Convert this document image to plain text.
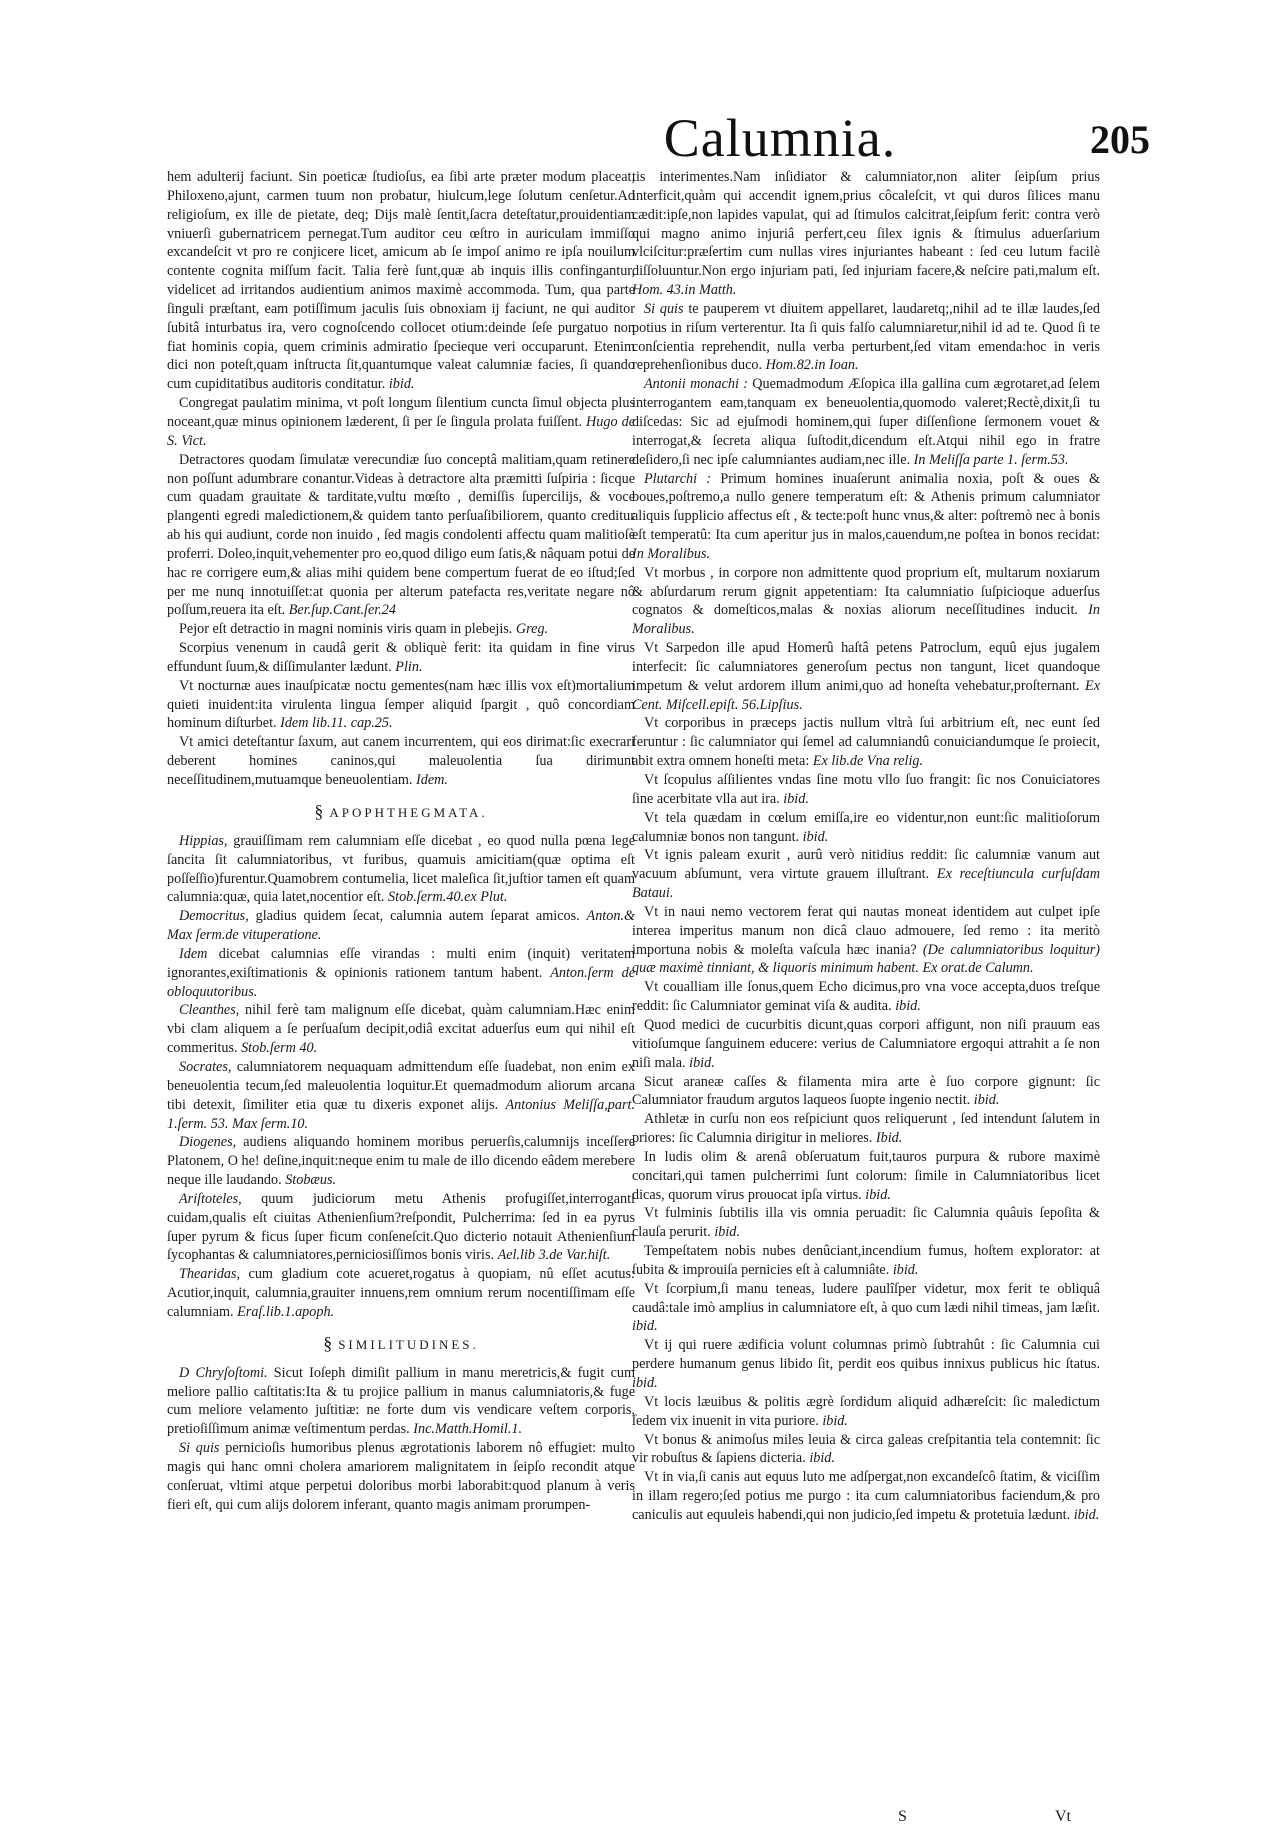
Calumnia.	205

hem adulterij faciunt. Sin poeticæ ſtudioſus, ea ſibi arte præter modum placeat, Philoxeno,ajunt, carmen tuum non probatur, hiulcum,lege ſolutum cenſetur.Ad religioſum, ex ille de pietate, deq; Dijs malè ſentit,ſacra deteſtatur,prouidentiam vniuerſi gubernatricem pernegat.Tum auditor ceu œſtro in auriculam immiſſo excandeſcit vt pro re conjicere licet, amicum ab ſe impoſ animo re ipſa nouilum contente cognita miſſum facit. Talia ferè ſunt,quæ ab inquis illis confingantur, videlicet ad irritandos audientium animos maximè accommoda. Tum, qua parte ſinguli præſtant, eam potiſſimum jaculis ſuis obnoxiam ij faciunt, ne qui auditor ſubitâ inturbatus ira, vero cognoſcendo collocet otium:deinde ſeſe purgatuo non fiat hominis copia, quem criminis admiratio ſpecieque veri occuparunt. Etenim dici non poteſt,quam inſtructa ſit,quantumque valeat calumniæ facies, ſi quando cum cupiditatibus auditoris conditatur. ibid.

Congregat paulatim minima, vt poſt longum ſilentium cuncta ſimul objecta plus noceant,quæ minus opinionem læderent, ſi per ſe ſingula prolata fuiſſent. Hugo de S. Vict.

Detractores quodam ſimulatæ verecundiæ ſuo conceptâ malitiam,quam retinere non poſſunt adumbrare conantur.Videas à detractore alta præmitti ſuſpiria : ſicque cum quadam grauitate & tarditate,vultu mœſto , demiſſis ſupercilijs, & voce plangenti egredi maledictionem,& quidem tanto perſuaſibiliorem, quanto creditur ab his qui audiunt, corde non inuido , ſed magis condolenti affectu quam malitioſè proferri. Doleo,inquit,vehementer pro eo,quod diligo eum ſatis,& nâquam potui de hac re corrigere eum,& alias mihi quidem bene compertum fuerat de eo iſtud;ſed per me nunq innotuiſſet:at quonia per alterum patefacta res,veritate negare nô poſſum,reuera ita eſt. Ber.ſup.Cant.ſer.24

Pejor eſt detractio in magni nominis viris quam in plebejis. Greg.

Scorpius venenum in caudâ gerit & obliquè ferit: ita quidam in fine virus effundunt ſuum,& diſſimulanter lædunt. Plin.

Vt nocturnæ aues inauſpicatæ noctu gementes(nam hæc illis vox eſt)mortalium quieti inuident:ita virulenta lingua ſemper aliquid ſpargit , quô concordiam hominum diſturbet. Idem lib.11. cap.25.

Vt amici deteſtantur ſaxum, aut canem incurrentem, qui eos dirimat:ſic execrari deberent homines caninos,qui maleuolentia ſua dirimunt neceſſitudinem,mutuamque beneuolentiam. Idem.

§ APOPHTHEGMATA.

Hippias, grauiſſimam rem calumniam eſſe dicebat , eo quod nulla pœna lege ſancita ſit calumniatoribus, vt furibus, quamuis amicitiam(quæ optima eſt poſſeſſio)furentur.Quamobrem contumelia, licet maleſica ſit,juſtior tamen eſt quam calumnia:quæ, quia latet,nocentior eſt. Stob.ſerm.40.ex Plut.

Democritus, gladius quidem ſecat, calumnia autem ſeparat amicos. Anton.& Max ſerm.de vituperatione.

Idem dicebat calumnias eſſe virandas : multi enim (inquit) veritatem ignorantes,exiſtimationis & opinionis rationem tantum habent. Anton.ſerm de obloquutoribus.

Cleanthes, nihil ferè tam malignum eſſe dicebat, quàm calumniam.Hæc enim vbi clam aliquem a ſe perſuaſum decipit,odiâ excitat aduerſus eum qui nihil eſt commeritus. Stob.ſerm 40.

Socrates, calumniatorem nequaquam admittendum eſſe ſuadebat, non enim ex beneuolentia tecum,ſed maleuolentia loquitur.Et quemadmodum aliorum arcana tibi detexit, ſimiliter etia quæ tu dixeris exponet alijs. Antonius Meliſſa,part. 1.ſerm. 53. Max ſerm.10.

Diogenes, audiens aliquando hominem moribus peruerſis,calumnijs inceſſere Platonem, O he! deſine,inquit:neque enim tu male de illo dicendo eâdem merebere neque ille laudando. Stobæus.

Ariſtoteles, quum judiciorum metu Athenis profugiſſet,interroganti cuidam,qualis eſt ciuitas Athenienſium?reſpondit, Pulcherrima: ſed in ea pyrus ſuper pyrum & ficus ſuper ficum conſeneſcit.Quo dicterio notauit Athenienſium ſycophantas & calumniatores,perniciosiſſimos bonis viris. Ael.lib 3.de Var.hiſt.

Thearidas, cum gladium cote acueret,rogatus à quopiam, nû eſſet acutus: Acutior,inquit, calumnia,grauiter innuens,rem omnium rerum nocentiſſimam eſſe calumniam. Eraſ.lib.1.apoph.

§ SIMILITUDINES.

D Chryſoſtomi. Sicut Ioſeph dimiſit pallium in manu meretricis,& fugit cum meliore pallio caſtitatis:Ita & tu projice pallium in manus calumniatoris,& fuge cum meliore velamento juſtitiæ: ne forte dum vis vendicare veſtem corporis, pretioſiſſimum animæ veſtimentum perdas. Inc.Matth.Homil.1.

Si quis pernicioſis humoribus plenus ægrotationis laborem nô effugiet: multo magis qui hanc omni cholera amariorem malignitatem in ſeipſo recondit atque conſeruat, vltimi atque perpetui doloribus morbi laborabit:quod planum à veris fieri eſt, qui cum alijs dolorem inferant, quanto magis animam prorumpen-

tis interimentes.Nam inſidiator & calumniator,non aliter ſeipſum prius interficit,quàm qui accendit ignem,prius côcaleſcit, vt qui duros ſilices manu cædit:ipſe,non lapides vapulat, qui ad ſtimulos calcitrat,ſeipſum ferit: contra verò qui magno animo injuriâ perfert,ceu ſilex ignis & ſtimulus aduerſarium vlciſcitur:præſertim cum nullas vires injuriantes habeant : ſed ceu lutum facilè diſſoluuntur.Non ergo injuriam pati, ſed injuriam facere,& neſcire pati,malum eſt. Hom. 43.in Matth.

Si quis te pauperem vt diuitem appellaret, laudaretq;,nihil ad te illæ laudes,ſed potius in riſum verterentur. Ita ſi quis falſo calumniaretur,nihil id ad te. Quod ſi te conſcientia reprehendit, nulla verba perturbent,ſed vitam emenda:hoc in veris reprehenſionibus duco. Hom.82.in Ioan.

Antonii monachi : Quemadmodum Æſopica illa gallina cum ægrotaret,ad ſelem interrogantem eam,tanquam ex beneuolentia,quomodo valeret;Rectè,dixit,ſi tu diſcedas: Sic ad ejuſmodi hominem,qui ſuper diſſenſione ſermonem vouet & interrogat,& ſecreta aliqua ſuſtodit,dicendum eſt.Atqui nihil ego in fratre deſidero,ſi nec ipſe calumniantes audiam,nec ille. In Meliſſa parte 1. ſerm.53.

Plutarchi : Primum homines inuaſerunt animalia noxia, poſt & oues & boues,poſtremo,a nullo genere temperatum eſt: & Athenis primum calumniator aliquis ſupplicio affectus eſt , & tecte:poſt hunc vnus,& alter: poſtremò nec à bonis eſt temperatû: Ita cum aperitur jus in malos,cauendum,ne poſtea in bonos recidat: In Moralibus.

Vt morbus , in corpore non admittente quod proprium eſt, multarum noxiarum & abſurdarum rerum gignit appetentiam: Ita calumniatio ſuſpicioque aduerſus cognatos & domeſticos,malas & noxias aliorum neceſſitudines inducit. In Moralibus.

Vt Sarpedon ille apud Homerû haſtâ petens Patroclum, equû ejus jugalem interfecit: ſic calumniatores generoſum pectus non tangunt, licet quandoque impetum & velut ardorem illum animi,quo ad honeſta vehebatur,proſternant. Ex Cent. Miſcell.epiſt. 56.Lipſius.

Vt corporibus in præceps jactis nullum vltrà ſui arbitrium eſt, nec eunt ſed feruntur : ſic calumniator qui ſemel ad calumniandû conuiciandumque ſe proiecit, abit extra omnem honeſti meta: Ex lib.de Vna relig.

Vt ſcopulus aſſilientes vndas ſine motu vllo ſuo frangit: ſic nos Conuiciatores ſine acerbitate vlla aut ira. ibid.

Vt tela quædam in cœlum emiſſa,ire eo videntur,non eunt:ſic malitioſorum calumniæ bonos non tangunt. ibid.

Vt ignis paleam exurit , aurû verò nitidius reddit: ſic calumniæ vanum aut vacuum abſumunt, vera virtute grauem illuſtrant. Ex receſtiuncula curſuſdam Bataui.

Vt in naui nemo vectorem ferat qui nautas moneat identidem aut culpet ipſe interea imperitus manum non dicâ clauo admouere, ſed remo : ita meritò importuna nobis & moleſta vaſcula hæc inania? (De calumniatoribus loquitur) quæ maximè tinniant, & liquoris minimum habent. Ex orat.de Calumn.

Vt coualliam ille ſonus,quem Echo dicimus,pro vna voce accepta,duos treſque reddit: ſic Calumniator geminat viſa & audita. ibid.

Quod medici de cucurbitis dicunt,quas corpori affigunt, non niſi prauum eas vitioſumque ſanguinem educere: verius de Calumniatore ergoqui attrahit a ſe non niſi mala. ibid.

Sicut araneæ caſſes & filamenta mira arte è ſuo corpore gignunt: ſic Calumniator fraudum argutos laqueos ſuopte ingenio nectit. ibid.

Athletæ in curſu non eos reſpiciunt quos reliquerunt , ſed intendunt ſalutem in priores: ſic Calumnia dirigitur in meliores. Ibid.

In ludis olim & arenâ obſeruatum fuit,tauros purpura & rubore maximè concitari,qui tamen pulcherrimi ſunt colorum: ſimile in Calumniatoribus licet dicas, quorum virus prouocat ipſa virtus. ibid.

Vt fulminis ſubtilis illa vis omnia peruadit: ſic Calumnia quâuis ſepoſita & clauſa perurit. ibid.

Tempeſtatem nobis nubes denûciant,incendium fumus, hoſtem explorator: at ſubita & improuiſa pernicies eſt à calumniâte. ibid.

Vt ſcorpium,ſi manu teneas, ludere paulîſper videtur, mox ferit te obliquâ caudâ:tale imò amplius in calumniatore eſt, à quo cum lædi nihil timeas, jam læſit. ibid.

Vt ij qui ruere ædificia volunt columnas primò ſubtrahût : ſic Calumnia cui perdere humanum genus libido ſit, perdit eos quibus innixus publicus hic ſtatus. ibid.

Vt locis læuibus & politis ægrè ſordidum aliquid adhæreſcit: ſic maledictum ſedem vix inuenit in vita puriore. ibid.

Vt bonus & animoſus miles leuia & circa galeas creſpitantia tela contemnit: ſic vir robuſtus & ſapiens dicteria. ibid.

Vt in via,ſi canis aut equus luto me adſpergat,non excandeſcô ſtatim, & viciſſim in illam regero;ſed potius me purgo : ita cum calumniatoribus faciendum,& pro caniculis aut equuleis habendi,qui non judicio,ſed impetu & protetuia lædunt. ibid.

S	Vt
